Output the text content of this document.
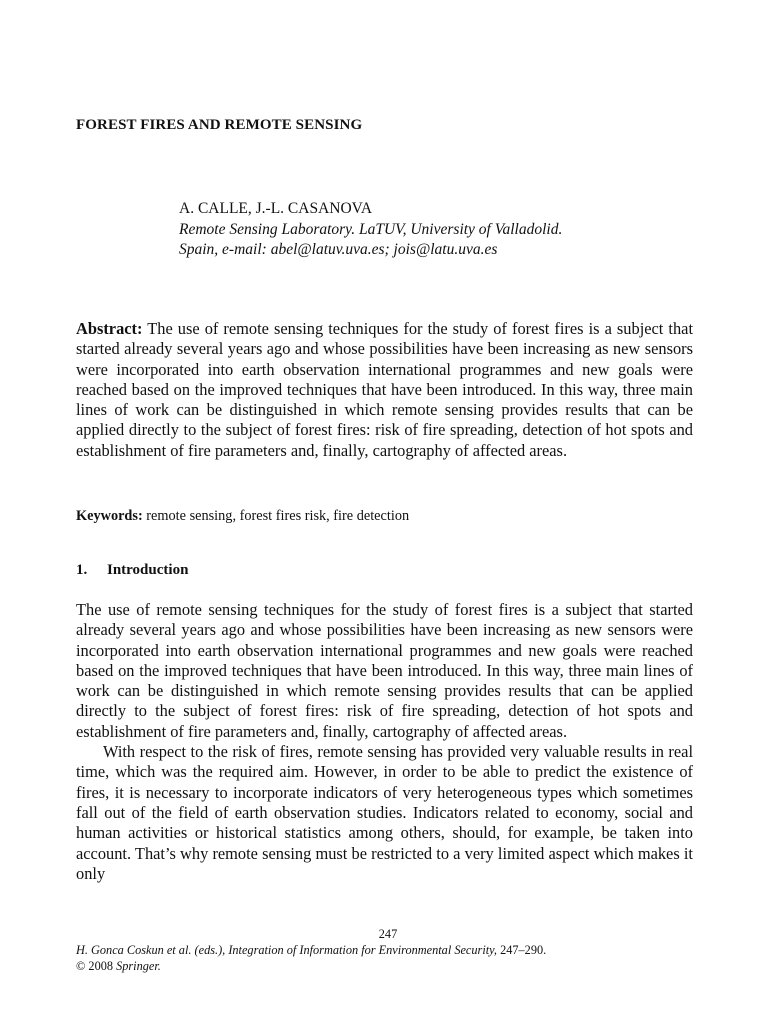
FOREST FIRES AND REMOTE SENSING
A. CALLE, J.-L. CASANOVA
Remote Sensing Laboratory. LaTUV, University of Valladolid.
Spain, e-mail: abel@latuv.uva.es; jois@latu.uva.es

Abstract: The use of remote sensing techniques for the study of forest fires is a subject that started already several years ago and whose possibilities have been increasing as new sensors were incorporated into earth observation international programmes and new goals were reached based on the improved techniques that have been introduced. In this way, three main lines of work can be distinguished in which remote sensing provides results that can be applied directly to the subject of forest fires: risk of fire spreading, detection of hot spots and establishment of fire parameters and, finally, cartography of affected areas.

Keywords: remote sensing, forest fires risk, fire detection

1. Introduction

The use of remote sensing techniques for the study of forest fires is a subject that started already several years ago and whose possibilities have been increasing as new sensors were incorporated into earth observation international programmes and new goals were reached based on the improved techniques that have been introduced. In this way, three main lines of work can be distinguished in which remote sensing provides results that can be applied directly to the subject of forest fires: risk of fire spreading, detection of hot spots and establishment of fire parameters and, finally, cartography of affected areas.

With respect to the risk of fires, remote sensing has provided very valuable results in real time, which was the required aim. However, in order to be able to predict the existence of fires, it is necessary to incorporate indicators of very heterogeneous types which sometimes fall out of the field of earth observation studies. Indicators related to economy, social and human activities or historical statistics among others, should, for example, be taken into account. That’s why remote sensing must be restricted to a very limited aspect which makes it only

247
H. Gonca Coskun et al. (eds.), Integration of Information for Environmental Security, 247–290.
© 2008 Springer.
